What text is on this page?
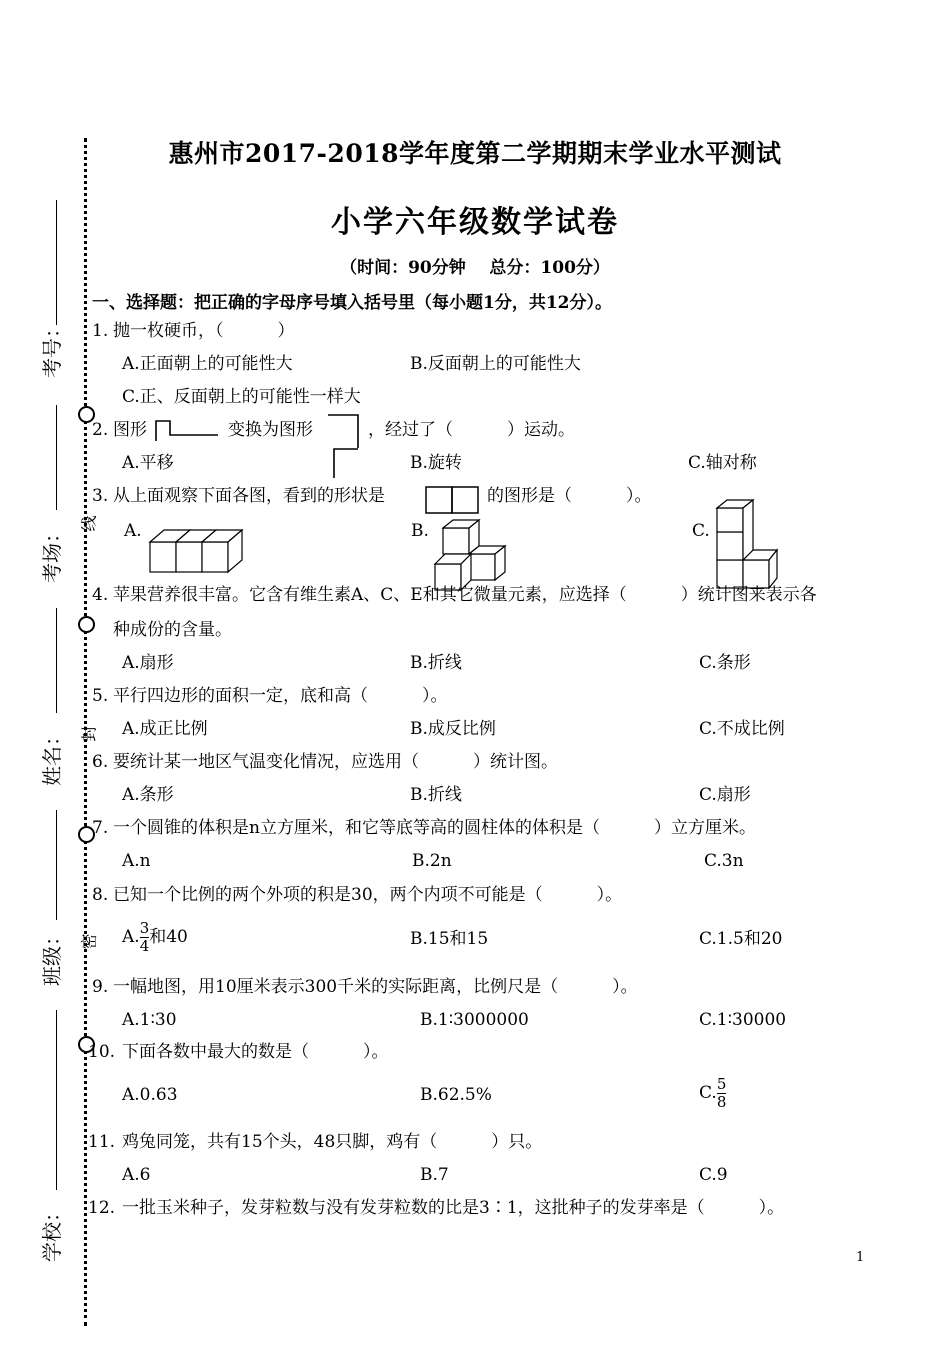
考号：
考场：
姓名：
班级：
学校：
线
封
密
惠州市2017-2018学年度第二学期期末学业水平测试
小学六年级数学试卷
（时间：90分钟    总分：100分）
一、选择题：把正确的字母序号填入括号里（每小题1分，共12分）。
1. 抛一枚硬币，（          ）
A.正面朝上的可能性大	B.反面朝上的可能性大
C.正、反面朝上的可能性一样大
2. 图形	变换为图形	，经过了（          ）运动。
A.平移	B.旋转	C.轴对称
3. 从上面观察下面各图，看到的形状是	的图形是（          ）。
A.	B.	C.
4. 苹果营养很丰富。它含有维生素A、C、E和其它微量元素，应选择（          ）统计图来表示各
种成份的含量。
A.扇形	B.折线	C.条形
5. 平行四边形的面积一定，底和高（          ）。
A.成正比例	B.成反比例	C.不成比例
6. 要统计某一地区气温变化情况，应选用（          ）统计图。
A.条形	B.折线	C.扇形
7. 一个圆锥的体积是n立方厘米，和它等底等高的圆柱体的体积是（          ）立方厘米。
A.n	B.2n	C.3n
8. 已知一个比例的两个外项的积是30，两个内项不可能是（          ）。
A. $\frac{3}{4}$ 和40	B.15和15	C.1.5和20
9. 一幅地图，用10厘米表示300千米的实际距离，比例尺是（          ）。
A.1∶30	B.1∶3000000	C.1∶30000
10. 下面各数中最大的数是（          ）。
A.0.63	B.62.5%	C. $\frac{5}{8}$
11. 鸡兔同笼，共有15个头，48只脚，鸡有（          ）只。
A.6	B.7	C.9
12. 一批玉米种子，发芽粒数与没有发芽粒数的比是3∶1，这批种子的发芽率是（          ）。
1
